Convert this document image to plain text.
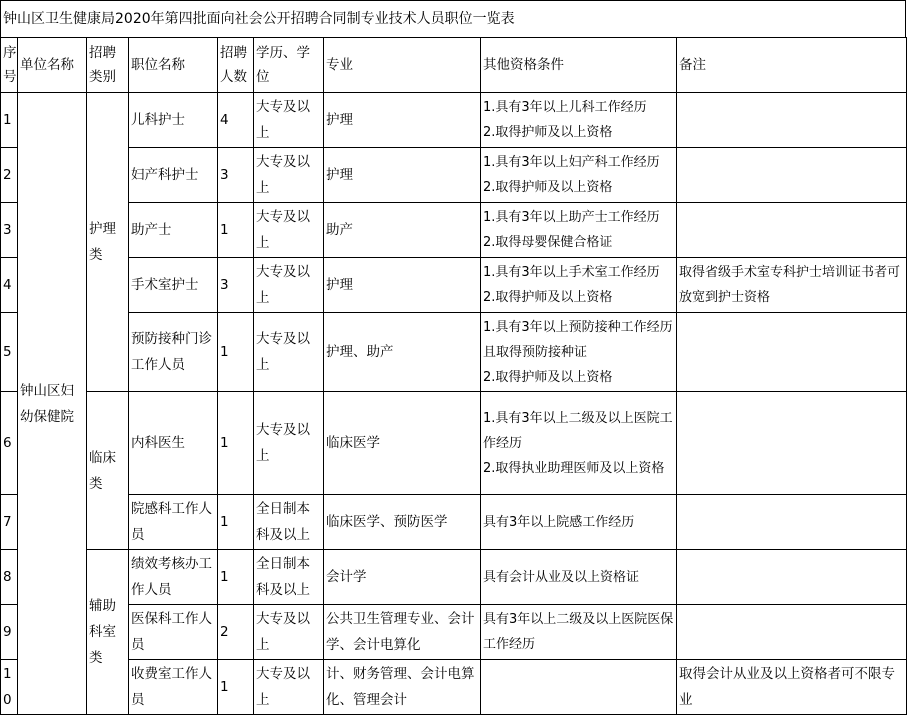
钟山区卫生健康局2020年第四批面向社会公开招聘合同制专业技术人员职位一览表
序号	单位名称	招聘类别	职位名称	招聘人数	学历、学位	专业	其他资格条件	备注
1	钟山区妇幼保健院	护理类	儿科护士	4	大专及以上	护理	1.具有3年以上儿科工作经历
2.取得护师及以上资格	
2			妇产科护士	3	大专及以上	护理	1.具有3年以上妇产科工作经历
2.取得护师及以上资格	
3			助产士	1	大专及以上	助产	1.具有3年以上助产士工作经历
2.取得母婴保健合格证	
4			手术室护士	3	大专及以上	护理	1.具有3年以上手术室工作经历
2.取得护师及以上资格	取得省级手术室专科护士培训证书者可放宽到护士资格
5			预防接种门诊工作人员	1	大专及以上	护理、助产	1.具有3年以上预防接种工作经历且取得预防接种证
2.取得护师及以上资格	
6		临床类	内科医生	1	大专及以上	临床医学	1.具有3年以上二级及以上医院工作经历
2.取得执业助理医师及以上资格	
7			院感科工作人员	1	全日制本科及以上	临床医学、预防医学	具有3年以上院感工作经历	
8		辅助科室类	绩效考核办工作人员	1	全日制本科及以上	会计学	具有会计从业及以上资格证	
9			医保科工作人员	2	大专及以上	公共卫生管理专业、会计学、会计电算化	具有3年以上二级及以上医院医保工作经历	
10			收费室工作人员	1	大专及以上	计、财务管理、会计电算化、管理会计		取得会计从业及以上资格者可不限专业
